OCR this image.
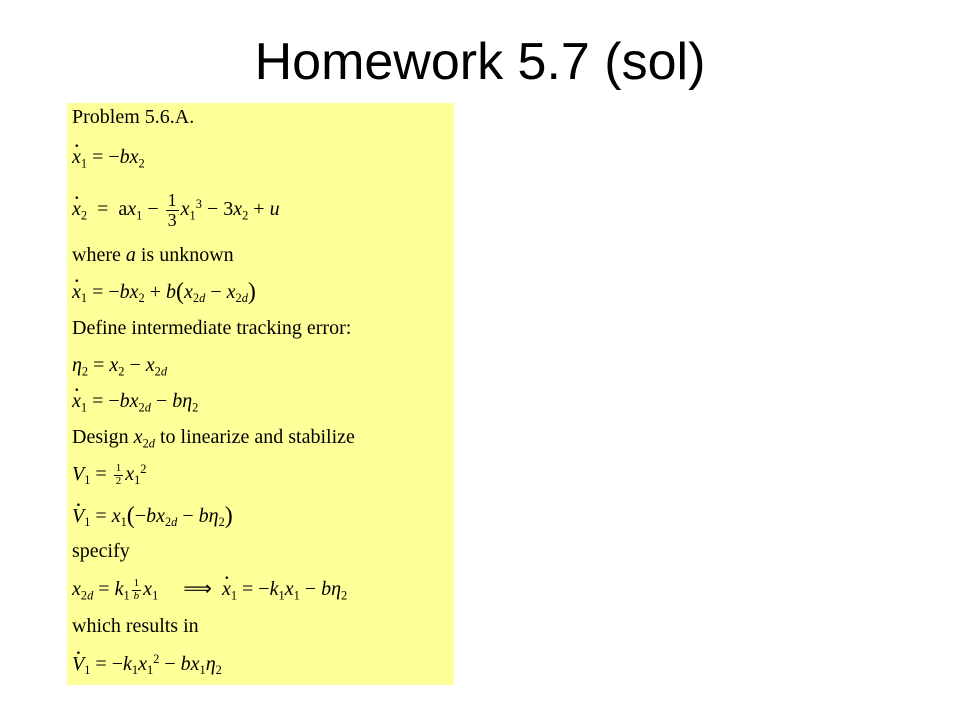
Homework 5.7 (sol)
Problem 5.6.A.
· $x_1 = -bx_2$
· $x_2 = ax_1 - \frac{1}{3} x_1^3 - 3x_2 + u$
where a is unknown
· $x_1 = -bx_2 + b(x_{2d} - x_{2d})$
Define intermediate tracking error:
$\eta_2 = x_2 - x_{2d}$
· $x_1 = -bx_{2d} - b\eta_2$
Design $x_{2d}$ to linearize and stabilize
$V_1 = \frac{1}{2} x_1^2$
· $V_1 = x_1(-bx_{2d} - b\eta_2)$
specify
$x_{2d} = k_1 \frac{1}{b} x_1$     ⟹  · $x_1 = -k_1x_1 - b\eta_2$
which results in
· $V_1 = -k_1x_1^2 - bx_1\eta_2$
